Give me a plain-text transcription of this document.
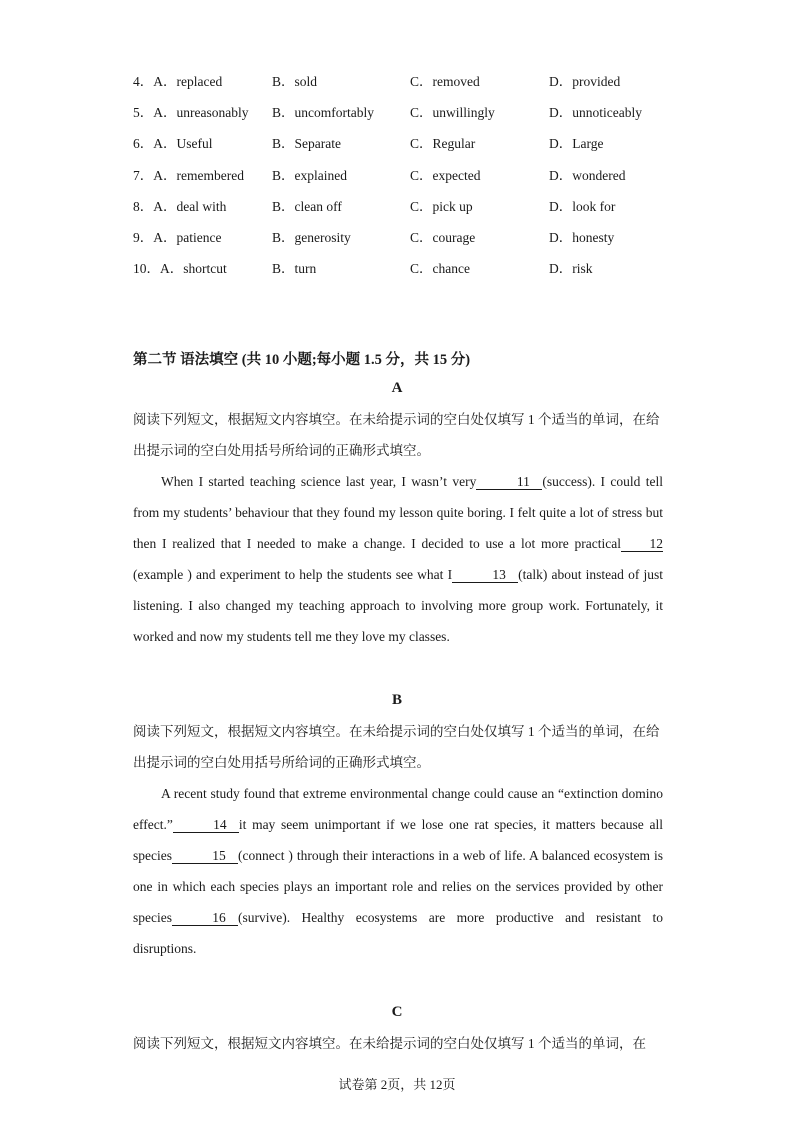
4．A．replaced	B．sold	C．removed	D．provided
5．A．unreasonably B．uncomfortably	C．unwillingly	D．unnoticeably
6．A．Useful	B．Separate	C．Regular	D．Large
7．A．remembered B．explained	C．expected	D．wondered
8．A．deal with	B．clean off	C．pick up	D．look for
9．A．patience	B．generosity	C．courage	D．honesty
10．A．shortcut	B．turn	C．chance	D．risk
第二节 语法填空 (共 10 小题;每小题 1.5 分，共 15 分)
A
阅读下列短文，根据短文内容填空。在未给提示词的空白处仅填写 1 个适当的单词，在给出提示词的空白处用括号所给词的正确形式填空。

When I started teaching science last year, I wasn’t very	11 (success). I could tell from my students’ behaviour that they found my lesson quite boring. I felt quite a lot of stress but then I realized that I needed to make a change. I decided to use a lot more practical 12 (example ) and experiment to help the students see what I	13 (talk) about instead of just listening. I also changed my teaching approach to involving more group work. Fortunately, it worked and now my students tell me they love my classes.

B
阅读下列短文，根据短文内容填空。在未给提示词的空白处仅填写 1 个适当的单词，在给出提示词的空白处用括号所给词的正确形式填空。

A recent study found that extreme environmental change could cause an “extinction domino effect.”	14 it may seem unimportant if we lose one rat species, it matters because all species	15 (connect ) through their interactions in a web of life. A balanced ecosystem is one in which each species plays an important role and relies on the services provided by other species	16 (survive). Healthy ecosystems are more productive and resistant to disruptions.

C
阅读下列短文，根据短文内容填空。在未给提示词的空白处仅填写 1 个适当的单词，在
试卷第 2页，共 12页
